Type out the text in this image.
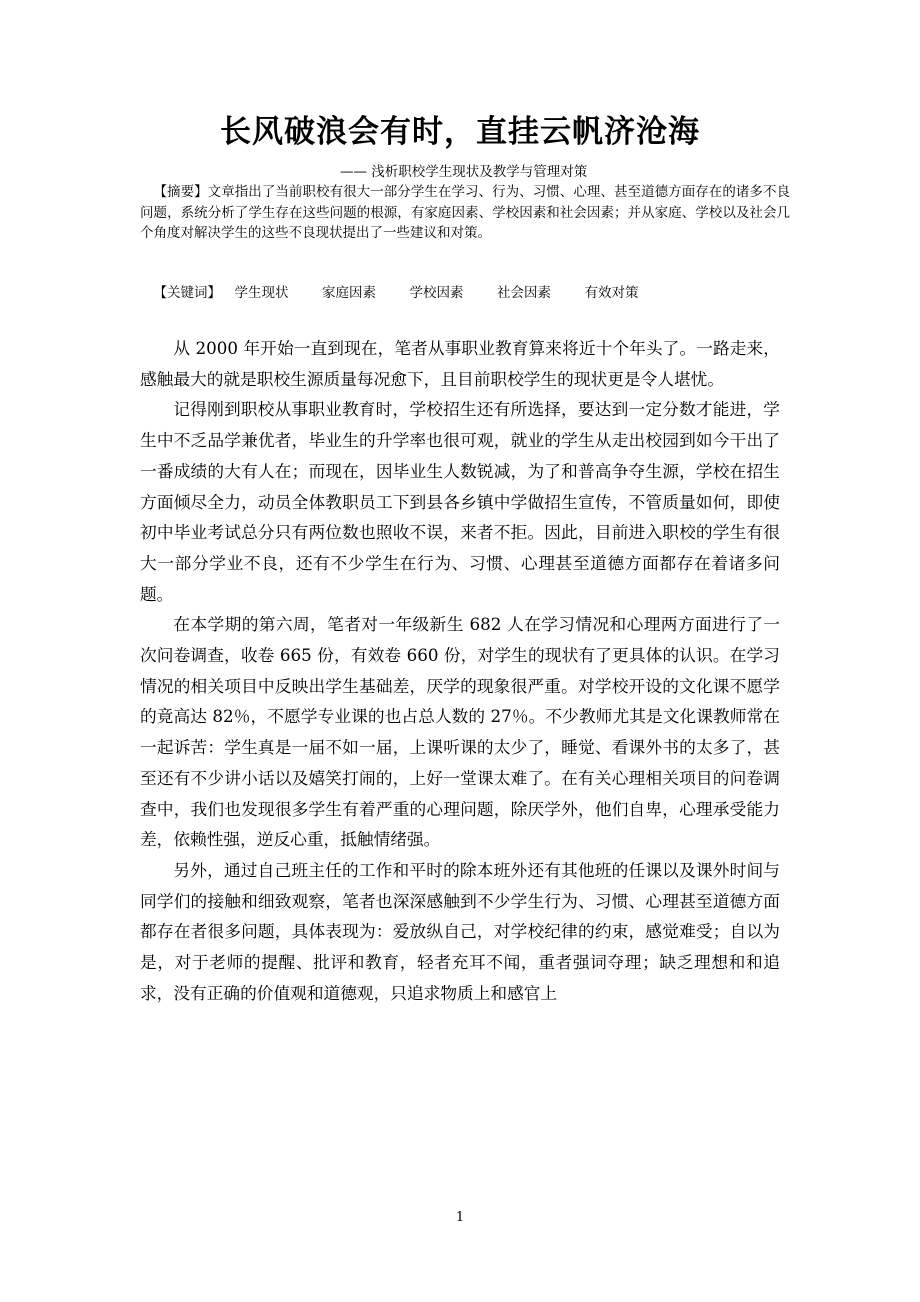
长风破浪会有时，直挂云帆济沧海
—— 浅析职校学生现状及教学与管理对策
【摘要】文章指出了当前职校有很大一部分学生在学习、行为、习惯、心理、甚至道德方面存在的诸多不良问题，系统分析了学生存在这些问题的根源，有家庭因素、学校因素和社会因素；并从家庭、学校以及社会几个角度对解决学生的这些不良现状提出了一些建议和对策。
【关键词】 学生现状 家庭因素 学校因素 社会因素 有效对策

从 2000 年开始一直到现在，笔者从事职业教育算来将近十个年头了。一路走来，感触最大的就是职校生源质量每况愈下，且目前职校学生的现状更是令人堪忧。

记得刚到职校从事职业教育时，学校招生还有所选择，要达到一定分数才能进，学生中不乏品学兼优者，毕业生的升学率也很可观，就业的学生从走出校园到如今干出了一番成绩的大有人在；而现在，因毕业生人数锐减，为了和普高争夺生源，学校在招生方面倾尽全力，动员全体教职员工下到县各乡镇中学做招生宣传，不管质量如何，即使初中毕业考试总分只有两位数也照收不误，来者不拒。因此，目前进入职校的学生有很大一部分学业不良，还有不少学生在行为、习惯、心理甚至道德方面都存在着诸多问题。

在本学期的第六周，笔者对一年级新生 682 人在学习情况和心理两方面进行了一次问卷调查，收卷 665 份，有效卷 660 份，对学生的现状有了更具体的认识。在学习情况的相关项目中反映出学生基础差，厌学的现象很严重。对学校开设的文化课不愿学的竟高达 82％，不愿学专业课的也占总人数的 27％。不少教师尤其是文化课教师常在一起诉苦：学生真是一届不如一届，上课听课的太少了，睡觉、看课外书的太多了，甚至还有不少讲小话以及嬉笑打闹的，上好一堂课太难了。在有关心理相关项目的问卷调查中，我们也发现很多学生有着严重的心理问题，除厌学外，他们自卑，心理承受能力差，依赖性强，逆反心重，抵触情绪强。

另外，通过自己班主任的工作和平时的除本班外还有其他班的任课以及课外时间与同学们的接触和细致观察，笔者也深深感触到不少学生行为、习惯、心理甚至道德方面都存在者很多问题，具体表现为：爱放纵自己，对学校纪律的约束，感觉难受；自以为是，对于老师的提醒、批评和教育，轻者充耳不闻，重者强词夺理；缺乏理想和和追求，没有正确的价值观和道德观，只追求物质上和感官上

1
